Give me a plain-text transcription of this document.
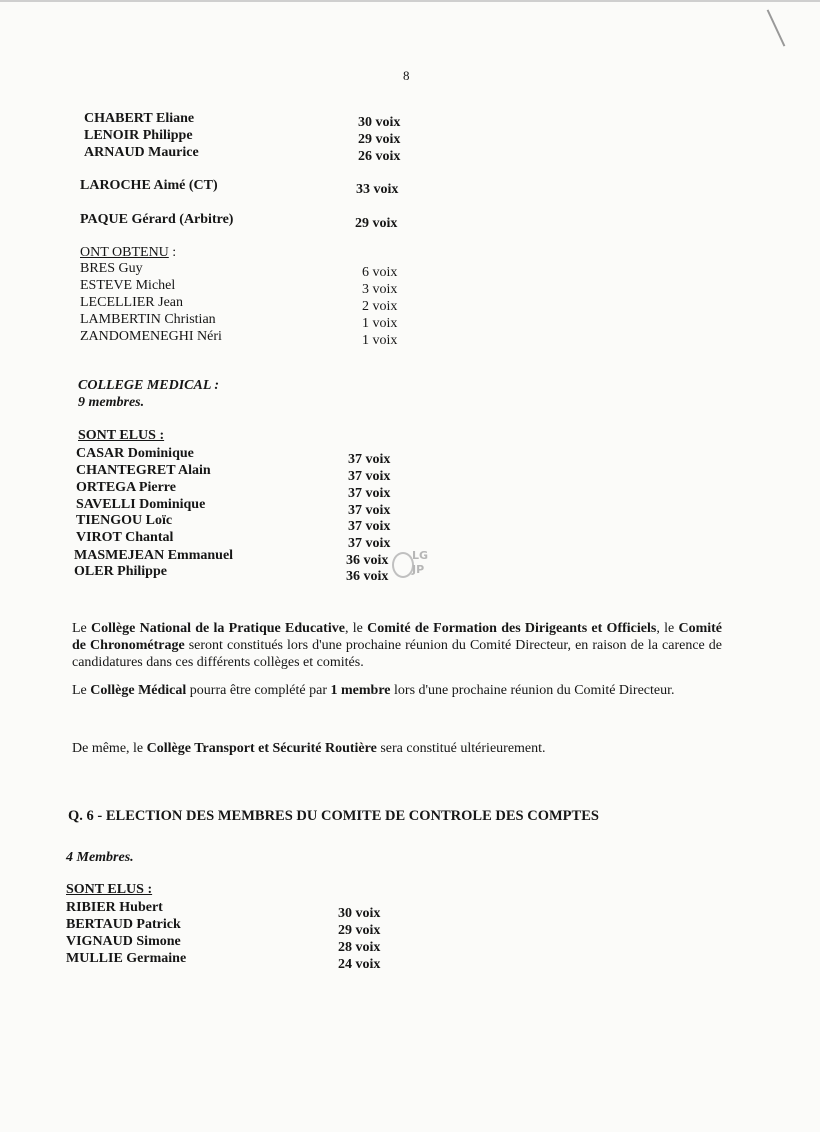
8
CHABERT Eliane	30 voix
LENOIR Philippe	29 voix
ARNAUD Maurice	26 voix
LAROCHE Aimé (CT)	33 voix
PAQUE Gérard (Arbitre)	29 voix
ONT OBTENU :
BRES Guy	6 voix
ESTEVE Michel	3 voix
LECELLIER Jean	2 voix
LAMBERTIN Christian	1 voix
ZANDOMENEGHI Néri	1 voix
COLLEGE MEDICAL :
9 membres.
SONT ELUS :
CASAR Dominique	37 voix
CHANTEGRET Alain	37 voix
ORTEGA Pierre	37 voix
SAVELLI Dominique	37 voix
TIENGOU Loïc	37 voix
VIROT Chantal	37 voix
MASMEJEAN Emmanuel	36 voix
OLER Philippe	36 voix
LG
JP
Le Collège National de la Pratique Educative, le Comité de Formation des Dirigeants et Officiels, le Comité de Chronométrage seront constitués lors d'une prochaine réunion du Comité Directeur, en raison de la carence de candidatures dans ces différents collèges et comités.
Le Collège Médical pourra être complété par 1 membre lors d'une prochaine réunion du Comité Directeur.
De même, le Collège Transport et Sécurité Routière sera constitué ultérieurement.
Q. 6 - ELECTION DES MEMBRES DU COMITE DE CONTROLE DES COMPTES
4 Membres.
SONT ELUS :
RIBIER Hubert	30 voix
BERTAUD Patrick	29 voix
VIGNAUD Simone	28 voix
MULLIE Germaine	24 voix
